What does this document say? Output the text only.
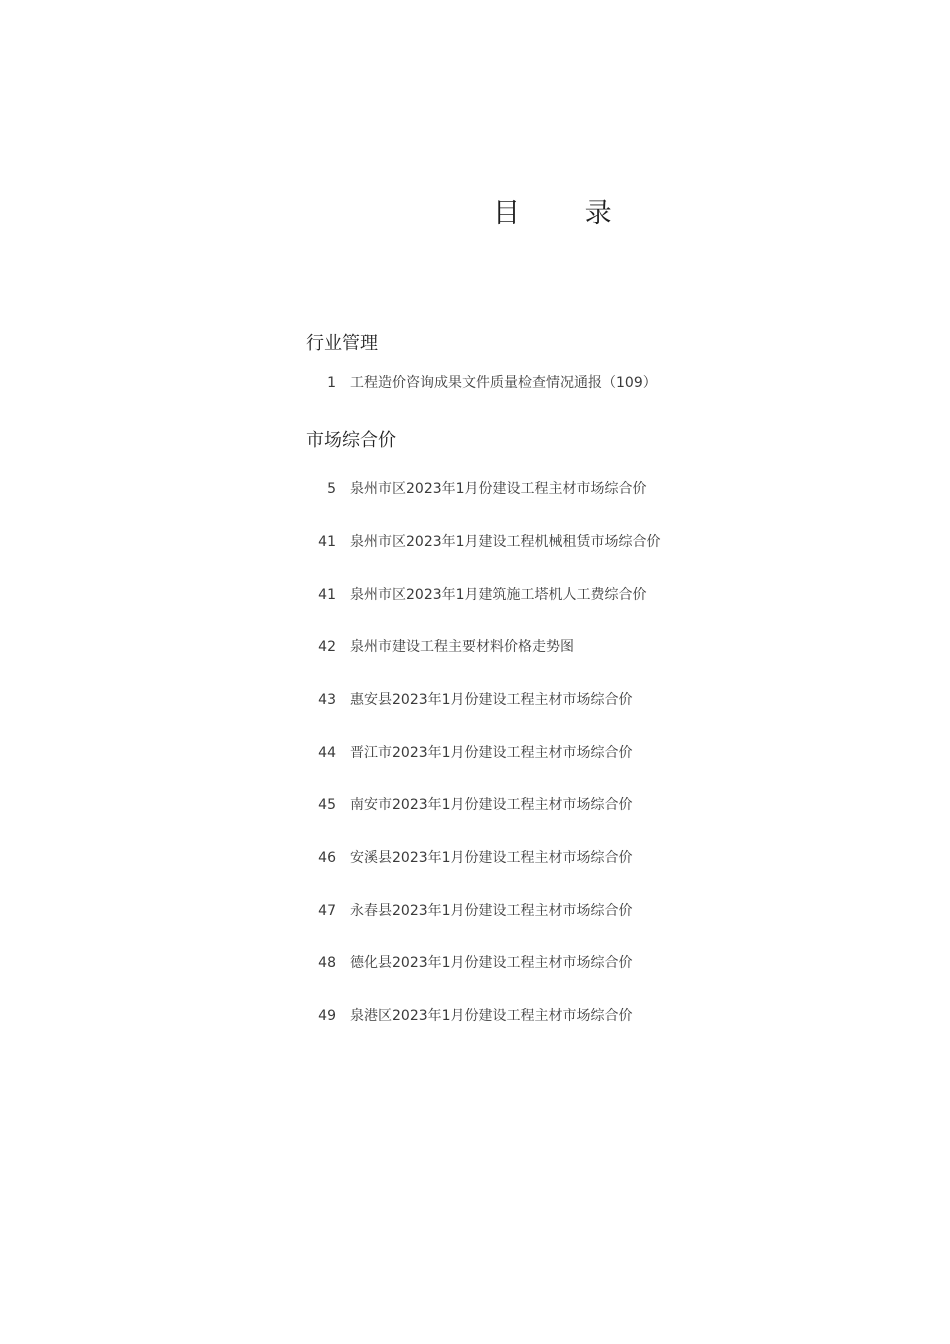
目 录
行业管理
1 工程造价咨询成果文件质量检查情况通报（109）
市场综合价
5 泉州市区2023年1月份建设工程主材市场综合价
41 泉州市区2023年1月建设工程机械租赁市场综合价
41 泉州市区2023年1月建筑施工塔机人工费综合价
42 泉州市建设工程主要材料价格走势图
43 惠安县2023年1月份建设工程主材市场综合价
44 晋江市2023年1月份建设工程主材市场综合价
45 南安市2023年1月份建设工程主材市场综合价
46 安溪县2023年1月份建设工程主材市场综合价
47 永春县2023年1月份建设工程主材市场综合价
48 德化县2023年1月份建设工程主材市场综合价
49 泉港区2023年1月份建设工程主材市场综合价
